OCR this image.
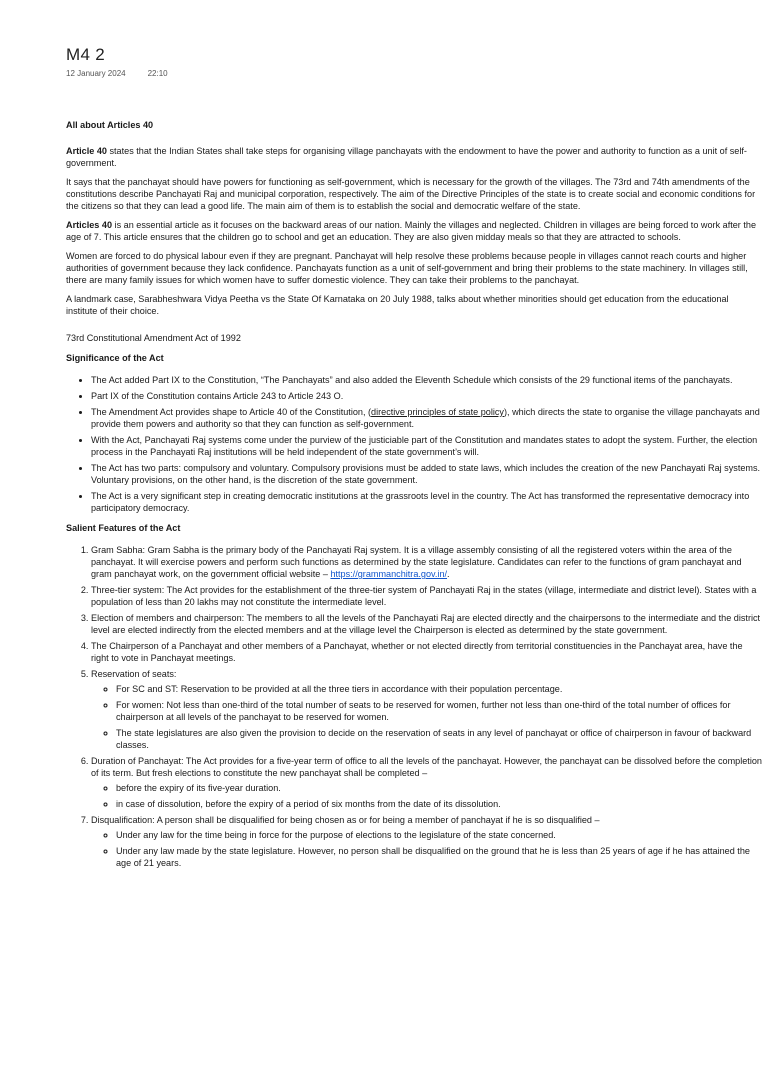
M4 2
12 January 2024	22:10

All about Articles 40

Article 40 states that the Indian States shall take steps for organising village panchayats with the endowment to have the power and authority to function as a unit of self-government.

It says that the panchayat should have powers for functioning as self-government, which is necessary for the growth of the villages. The 73rd and 74th amendments of the constitutions describe Panchayati Raj and municipal corporation, respectively. The aim of the Directive Principles of the state is to create social and economic conditions for the citizens so that they can lead a good life. The main aim of them is to establish the social and democratic welfare of the state.

Articles 40 is an essential article as it focuses on the backward areas of our nation. Mainly the villages and neglected. Children in villages are being forced to work after the age of 7. This article ensures that the children go to school and get an education. They are also given midday meals so that they are attracted to schools.

Women are forced to do physical labour even if they are pregnant. Panchayat will help resolve these problems because people in villages cannot reach courts and higher authorities of government because they lack confidence. Panchayats function as a unit of self-government and bring their problems to the state machinery. In villages still, there are many family issues for which women have to suffer domestic violence. They can take their problems to the panchayat.

A landmark case, Sarabheshwara Vidya Peetha vs the State Of Karnataka on 20 July 1988, talks about whether minorities should get education from the educational institute of their choice.

73rd Constitutional Amendment Act of 1992

Significance of the Act

• The Act added Part IX to the Constitution, “The Panchayats” and also added the Eleventh Schedule which consists of the 29 functional items of the panchayats.
• Part IX of the Constitution contains Article 243 to Article 243 O.
• The Amendment Act provides shape to Article 40 of the Constitution, (directive principles of state policy), which directs the state to organise the village panchayats and provide them powers and authority so that they can function as self-government.
• With the Act, Panchayati Raj systems come under the purview of the justiciable part of the Constitution and mandates states to adopt the system. Further, the election process in the Panchayati Raj institutions will be held independent of the state government’s will.
• The Act has two parts: compulsory and voluntary. Compulsory provisions must be added to state laws, which includes the creation of the new Panchayati Raj systems. Voluntary provisions, on the other hand, is the discretion of the state government.
• The Act is a very significant step in creating democratic institutions at the grassroots level in the country. The Act has transformed the representative democracy into participatory democracy.

Salient Features of the Act

1. Gram Sabha: Gram Sabha is the primary body of the Panchayati Raj system. It is a village assembly consisting of all the registered voters within the area of the panchayat. It will exercise powers and perform such functions as determined by the state legislature. Candidates can refer to the functions of gram panchayat and gram panchayat work, on the government official website – https://grammanchitra.gov.in/.
2. Three-tier system: The Act provides for the establishment of the three-tier system of Panchayati Raj in the states (village, intermediate and district level). States with a population of less than 20 lakhs may not constitute the intermediate level.
3. Election of members and chairperson: The members to all the levels of the Panchayati Raj are elected directly and the chairpersons to the intermediate and the district level are elected indirectly from the elected members and at the village level the Chairperson is elected as determined by the state government.
4. The Chairperson of a Panchayat and other members of a Panchayat, whether or not elected directly from territorial constituencies in the Panchayat area, have the right to vote in Panchayat meetings.
5. Reservation of seats:
◦ For SC and ST: Reservation to be provided at all the three tiers in accordance with their population percentage.
◦ For women: Not less than one-third of the total number of seats to be reserved for women, further not less than one-third of the total number of offices for chairperson at all levels of the panchayat to be reserved for women.
◦ The state legislatures are also given the provision to decide on the reservation of seats in any level of panchayat or office of chairperson in favour of backward classes.
6. Duration of Panchayat: The Act provides for a five-year term of office to all the levels of the panchayat. However, the panchayat can be dissolved before the completion of its term. But fresh elections to constitute the new panchayat shall be completed –
◦ before the expiry of its five-year duration.
◦ in case of dissolution, before the expiry of a period of six months from the date of its dissolution.
7. Disqualification: A person shall be disqualified for being chosen as or for being a member of panchayat if he is so disqualified –
◦ Under any law for the time being in force for the purpose of elections to the legislature of the state concerned.
◦ Under any law made by the state legislature. However, no person shall be disqualified on the ground that he is less than 25 years of age if he has attained the age of 21 years.
